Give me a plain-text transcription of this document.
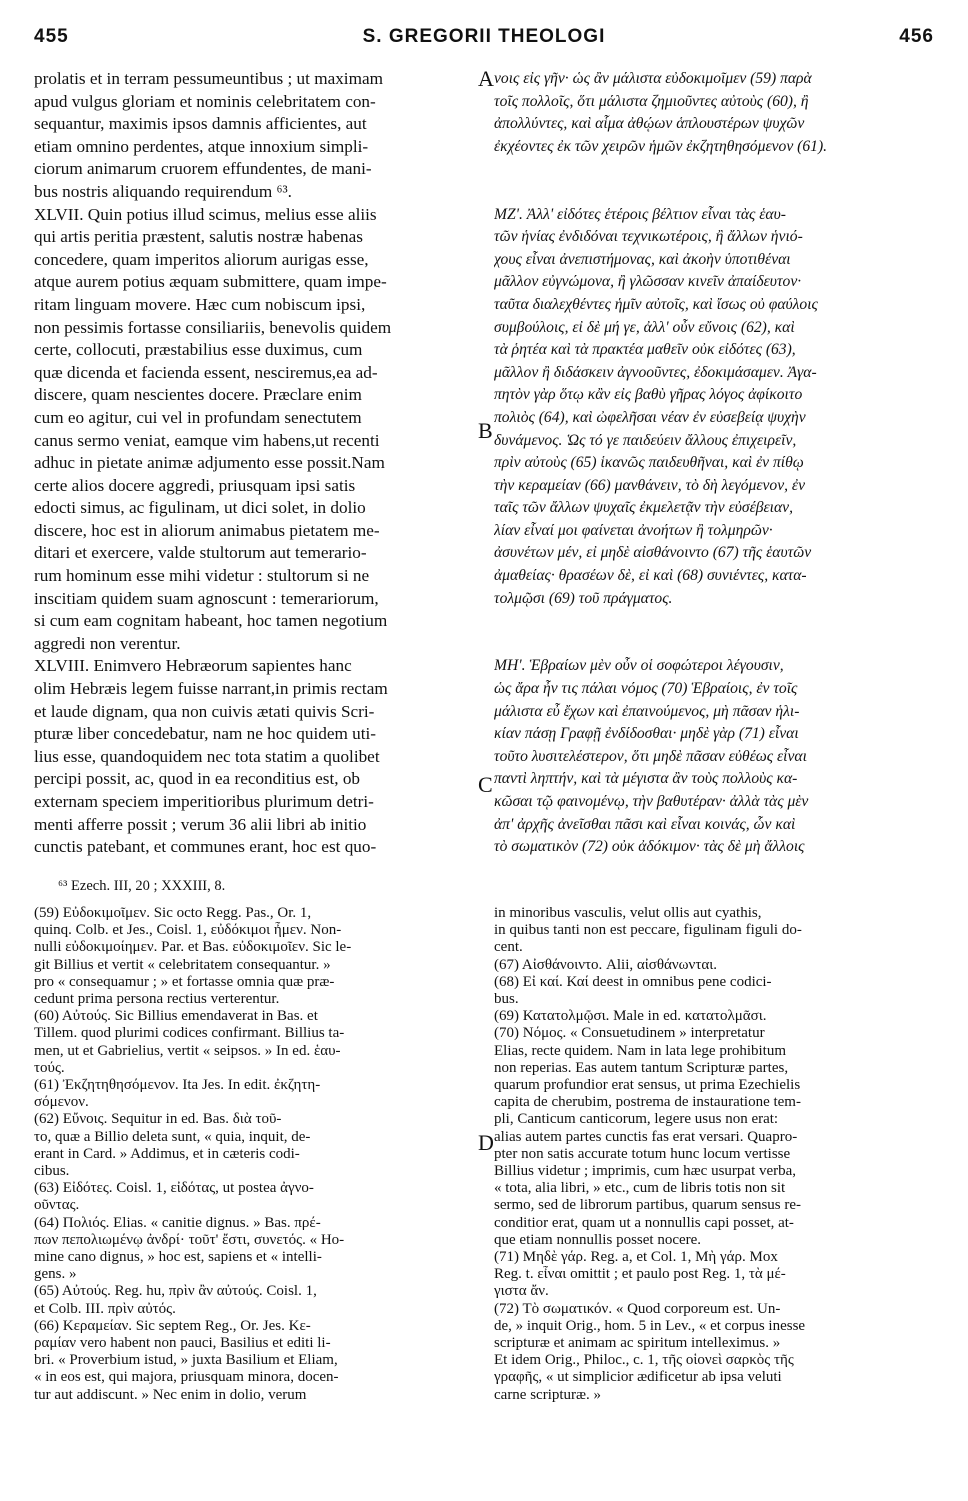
455	S. GREGORII THEOLOGI	456
A
B
C
D
prolatis et in terram pessumeuntibus ; ut maximam
apud vulgus gloriam et nominis celebritatem con-
sequantur, maximis ipsos damnis afficientes, aut
etiam omnino perdentes, atque innoxium simpli-
ciorum animarum cruorem effundentes, de mani-
bus nostris aliquando requirendum ⁶³.
XLVII. Quin potius illud scimus, melius esse aliis
qui artis peritia præstent, salutis nostræ habenas
concedere, quam imperitos aliorum aurigas esse,
atque aurem potius æquam submittere, quam impe-
ritam linguam movere. Hæc cum nobiscum ipsi,
non pessimis fortasse consiliariis, benevolis quidem
certe, collocuti, præstabilius esse duximus, cum
quæ dicenda et facienda essent, nesciremus,ea ad-
discere, quam nescientes docere. Præclare enim
cum eo agitur, cui vel in profundam senectutem
canus sermo veniat, eamque vim habens,ut recenti
adhuc in pietate animæ adjumento esse possit.Nam
certe alios docere aggredi, priusquam ipsi satis
edocti simus, ac figulinam, ut dici solet, in dolio
discere, hoc est in aliorum animabus pietatem me-
ditari et exercere, valde stultorum aut temerario-
rum hominum esse mihi videtur : stultorum si ne
inscitiam quidem suam agnoscunt : temerariorum,
si cum eam cognitam habeant, hoc tamen negotium
aggredi non verentur.
XLVIII. Enimvero Hebræorum sapientes hanc
olim Hebræis legem fuisse narrant,in primis rectam
et laude dignam, qua non cuivis ætati quivis Scri-
pturæ liber concedebatur, nam ne hoc quidem uti-
lius esse, quandoquidem nec tota statim a quolibet
percipi possit, ac, quod in ea reconditius est, ob
externam speciem imperitioribus plurimum detri-
menti afferre possit ; verum 36 alii libri ab initio
cunctis patebant, et communes erant, hoc est quo-
⁶³ Ezech. III, 20 ; XXXIII, 8.
νοις εἰς γῆν· ὡς ἂν μάλιστα εὐδοκιμοῖμεν (59) παρὰ
τοῖς πολλοῖς, ὅτι μάλιστα ζημιοῦντες αὐτοὺς (60), ἢ
ἀπολλύντες, καὶ αἷμα ἀθῴων ἁπλουστέρων ψυχῶν
ἐκχέοντες ἐκ τῶν χειρῶν ἡμῶν ἐκζητηθησόμενον (61).

ΜΖ'. Ἀλλ' εἰδότες ἑτέροις βέλτιον εἶναι τὰς ἑαυ-
τῶν ἡνίας ἐνδιδόναι τεχνικωτέροις, ἢ ἄλλων ἡνιό-
χους εἶναι ἀνεπιστήμονας, καὶ ἀκοὴν ὑποτιθέναι
μᾶλλον εὐγνώμονα, ἢ γλῶσσαν κινεῖν ἀπαίδευτον·
ταῦτα διαλεχθέντες ἡμῖν αὐτοῖς, καὶ ἴσως οὐ φαύλοις
συμβούλοις, εἰ δὲ μή γε, ἀλλ' οὖν εὔνοις (62), καὶ
τὰ ῥητέα καὶ τὰ πρακτέα μαθεῖν οὐκ εἰδότες (63),
μᾶλλον ἢ διδάσκειν ἀγνοοῦντες, ἐδοκιμάσαμεν. Ἀγα-
πητὸν γὰρ ὅτῳ κἂν εἰς βαθὺ γῆρας λόγος ἀφίκοιτο
πολιὸς (64), καὶ ὠφελῆσαι νέαν ἐν εὐσεβείᾳ ψυχὴν
δυνάμενος. Ὡς τό γε παιδεύειν ἄλλους ἐπιχειρεῖν,
πρὶν αὐτοὺς (65) ἱκανῶς παιδευθῆναι, καὶ ἐν πίθῳ
τὴν κεραμείαν (66) μανθάνειν, τὸ δὴ λεγόμενον, ἐν
ταῖς τῶν ἄλλων ψυχαῖς ἐκμελετᾷν τὴν εὐσέβειαν,
λίαν εἶναί μοι φαίνεται ἀνοήτων ἢ τολμηρῶν·
ἀσυνέτων μέν, εἰ μηδὲ αἰσθάνοιντο (67) τῆς ἑαυτῶν
ἀμαθείας· θρασέων δὲ, εἰ καὶ (68) συνιέντες, κατα-
τολμῷσι (69) τοῦ πράγματος.

ΜΗ'. Ἑβραίων μὲν οὖν οἱ σοφώτεροι λέγουσιν,
ὡς ἄρα ἦν τις πάλαι νόμος (70) Ἑβραίοις, ἐν τοῖς
μάλιστα εὖ ἔχων καὶ ἐπαινούμενος, μὴ πᾶσαν ἡλι-
κίαν πάσῃ Γραφῇ ἐνδίδοσθαι· μηδὲ γὰρ (71) εἶναι
τοῦτο λυσιτελέστερον, ὅτι μηδὲ πᾶσαν εὐθέως εἶναι
παντὶ ληπτήν, καὶ τὰ μέγιστα ἂν τοὺς πολλοὺς κα-
κῶσαι τῷ φαινομένῳ, τὴν βαθυτέραν· ἀλλὰ τὰς μὲν
ἀπ' ἀρχῆς ἀνεῖσθαι πᾶσι καὶ εἶναι κοινάς, ὧν καὶ
τὸ σωματικὸν (72) οὐκ ἀδόκιμον· τὰς δὲ μὴ ἄλλοις
(59) Εὐδοκιμοῖμεν. Sic octo Regg. Pas., Or. 1,
quinq. Colb. et Jes., Coisl. 1, εὐδόκιμοι ἦμεν. Non-
nulli εὐδοκιμοίημεν. Par. et Bas. εὐδοκιμοῖεν. Sic le-
git Billius et vertit « celebritatem consequantur. »
pro « consequamur ; » et fortasse omnia quæ præ-
cedunt prima persona rectius verterentur.
(60) Αὐτούς. Sic Billius emendaverat in Bas. et
Tillem. quod plurimi codices confirmant. Billius ta-
men, ut et Gabrielius, vertit « seipsos. » In ed. ἑαυ-
τούς.
(61) Ἐκζητηθησόμενον. Ita Jes. In edit. ἐκζητη-
σόμενον.
(62) Εὔνοις. Sequitur in ed. Bas. διὰ τοῦ-
το, quæ a Billio deleta sunt, « quia, inquit, de-
erant in Card. » Addimus, et in cæteris codi-
cibus.
(63) Εἰδότες. Coisl. 1, εἰδότας, ut postea ἀγνο-
οῦντας.
(64) Πολιός. Elias. « canitie dignus. » Bas. πρέ-
πων πεπολιωμένῳ ἀνδρί· τοῦτ' ἔστι, συνετός. « Ho-
mine cano dignus, » hoc est, sapiens et « intelli-
gens. »
(65) Αὐτούς. Reg. hu, πρὶν ἂν αὐτούς. Coisl. 1,
et Colb. III. πρὶν αὐτός.
(66) Κεραμείαν. Sic septem Reg., Or. Jes. Κε-
ραμίαν vero habent non pauci, Basilius et editi li-
bri. « Proverbium istud, » juxta Basilium et Eliam,
« in eos est, qui majora, priusquam minora, docen-
tur aut addiscunt. » Nec enim in dolio, verum
in minoribus vasculis, velut ollis aut cyathis,
in quibus tanti non est peccare, figulinam figuli do-
cent.
(67) Αἰσθάνοιντο. Alii, αἰσθάνωνται.
(68) Εἰ καί. Καί deest in omnibus pene codici-
bus.
(69) Κατατολμῷσι. Male in ed. κατατολμᾶσι.
(70) Νόμος. « Consuetudinem » interpretatur
Elias, recte quidem. Nam in lata lege prohibitum
non reperias. Eas autem tantum Scripturæ partes,
quarum profundior erat sensus, ut prima Ezechielis
capita de cherubim, postrema de instauratione tem-
pli, Canticum canticorum, legere usus non erat:
alias autem partes cunctis fas erat versari. Quapro-
pter non satis accurate totum hunc locum vertisse
Billius videtur ; imprimis, cum hæc usurpat verba,
« tota, alia libri, » etc., cum de libris totis non sit
sermo, sed de librorum partibus, quarum sensus re-
conditior erat, quam ut a nonnullis capi posset, at-
que etiam nonnullis posset nocere.
(71) Μηδὲ γάρ. Reg. a, et Col. 1, Μὴ γάρ. Mox
Reg. t. εἶναι omittit ; et paulo post Reg. 1, τὰ μέ-
γιστα ἄν.
(72) Τὸ σωματικόν. « Quod corporeum est. Un-
de, » inquit Orig., hom. 5 in Lev., « et corpus inesse
scripturæ et animam ac spiritum intelleximus. »
Et idem Orig., Philoc., c. 1, τῆς οἱονεὶ σαρκὸς τῆς
γραφῆς, « ut simplicior ædificetur ab ipsa veluti
carne scripturæ. »
